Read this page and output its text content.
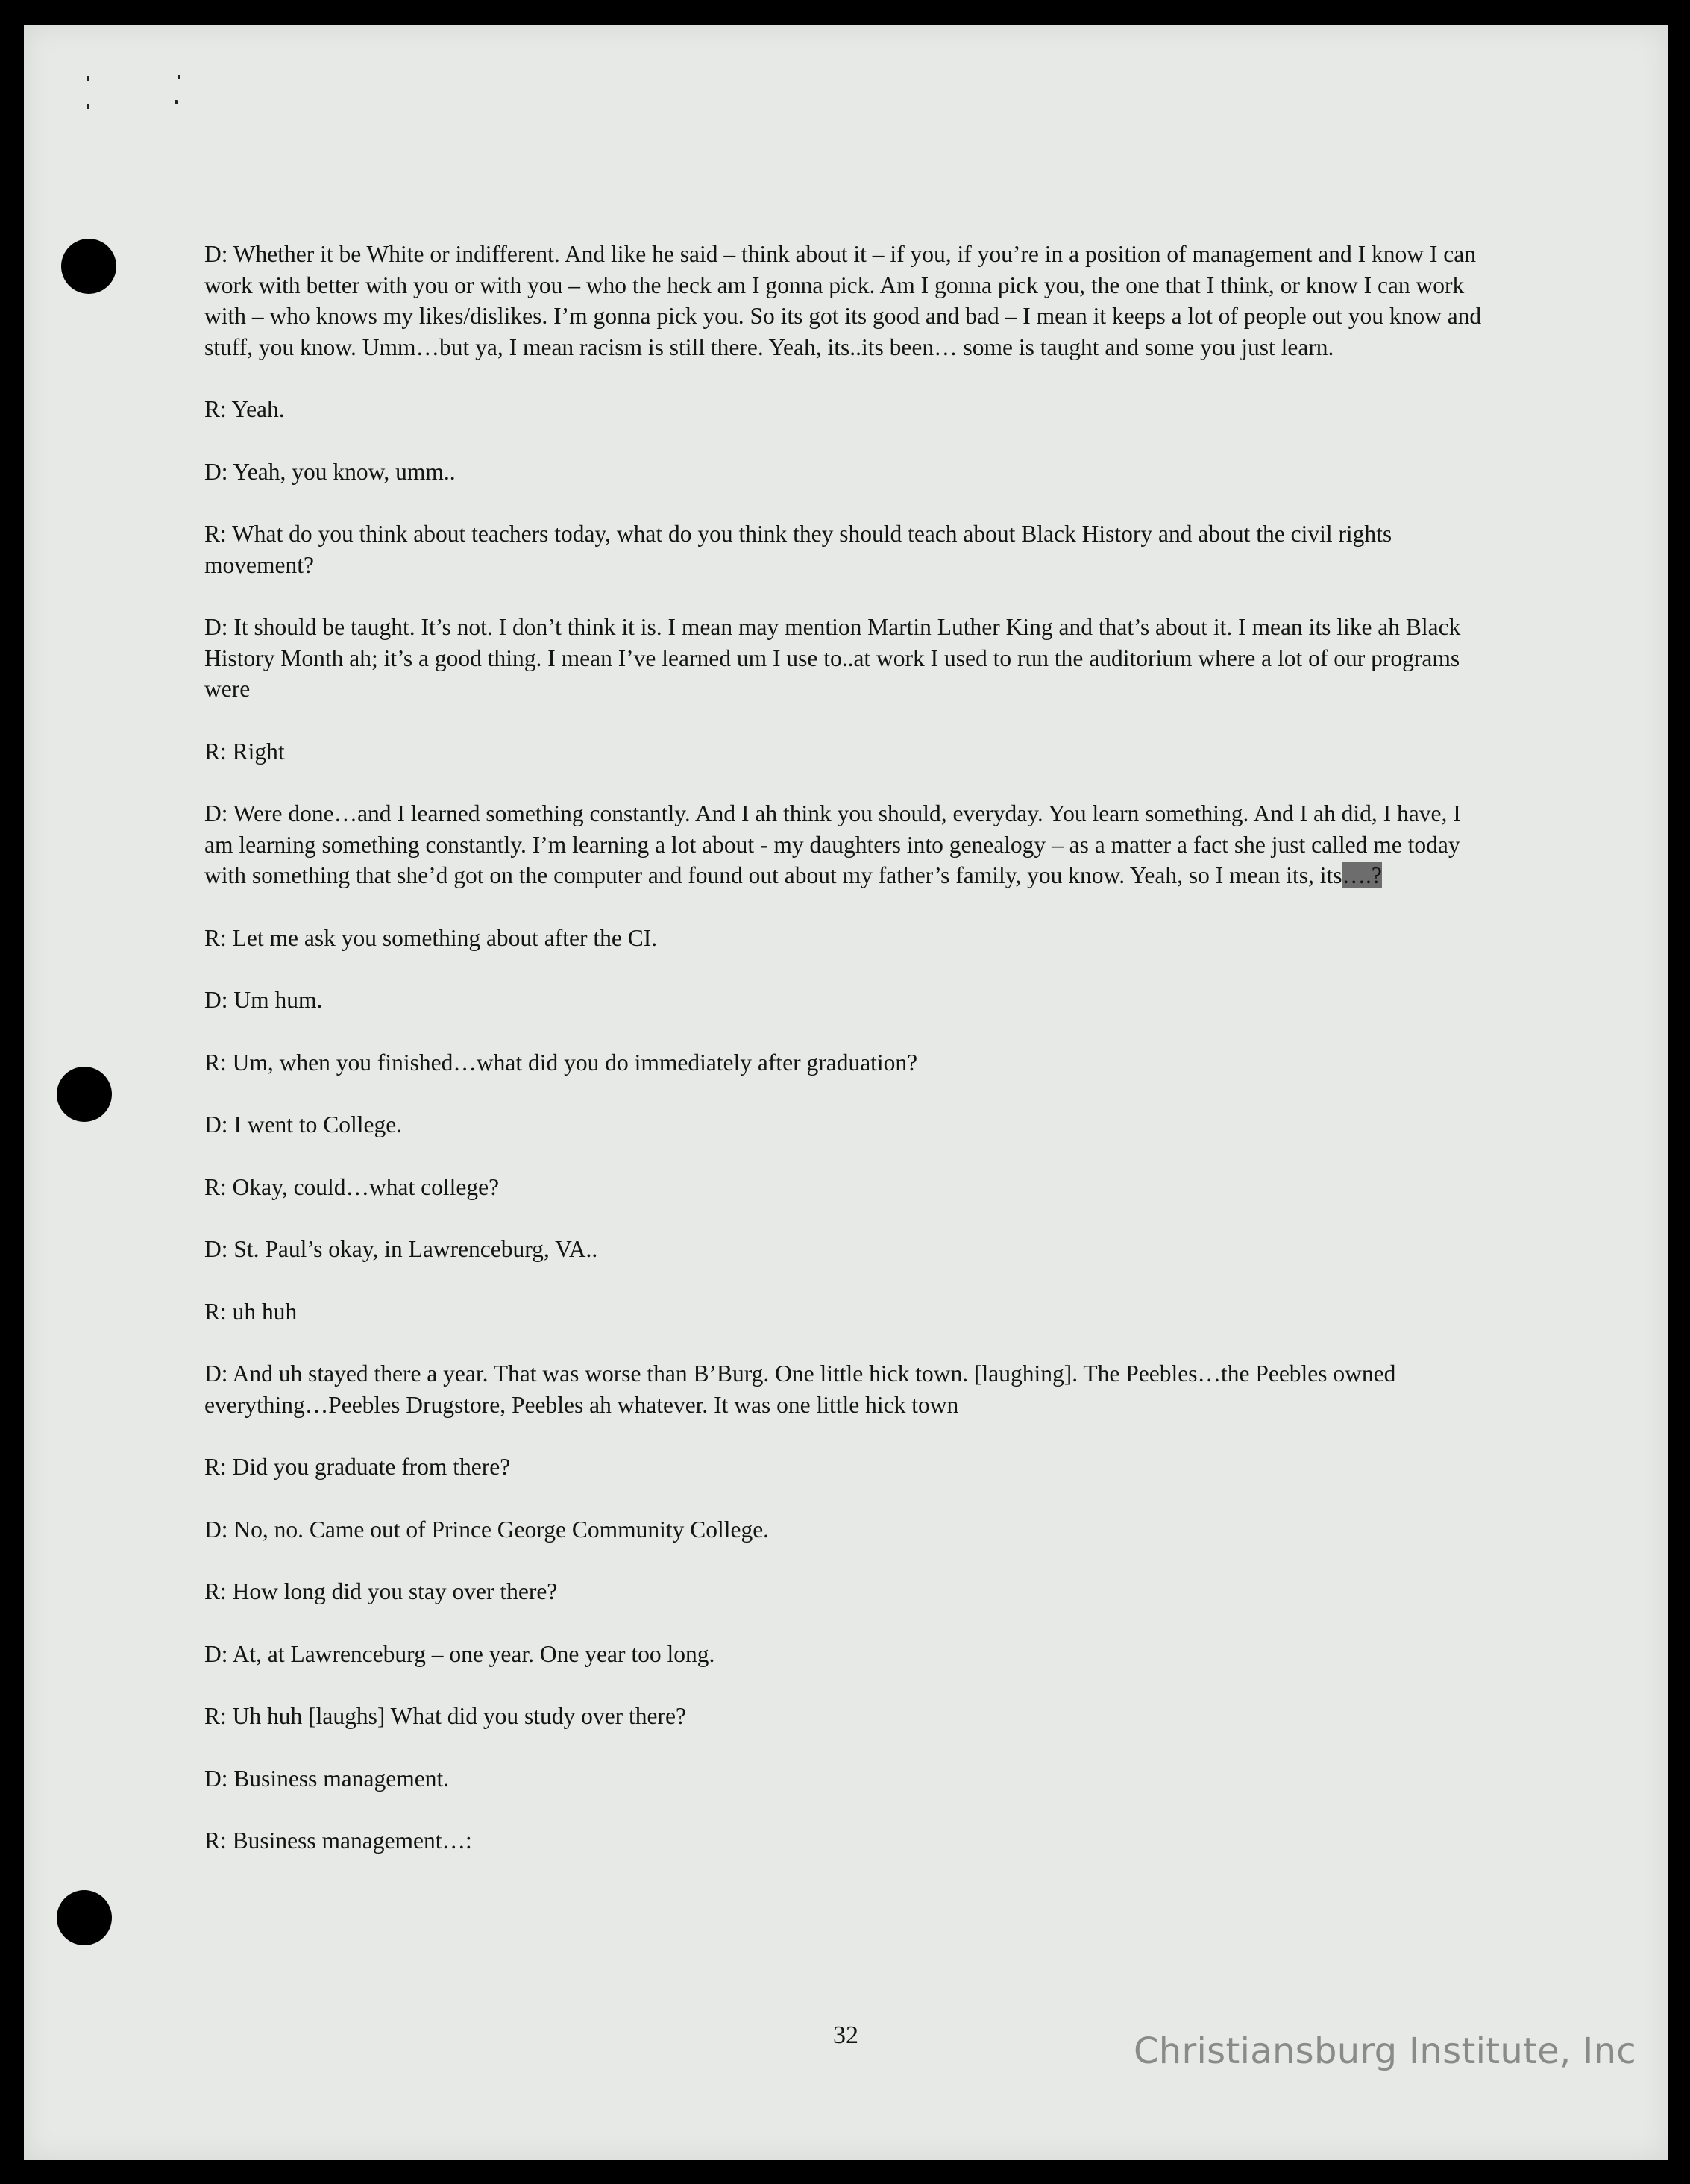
D: Whether it be White or indifferent. And like he said – think about it – if you, if you’re in a position of management and I know I can work with better with you or with you – who the heck am I gonna pick. Am I gonna pick you, the one that I think, or know I can work with – who knows my likes/dislikes. I’m gonna pick you. So its got its good and bad – I mean it keeps a lot of people out you know and stuff, you know. Umm…but ya, I mean racism is still there. Yeah, its..its been… some is taught and some you just learn.

R: Yeah.

D: Yeah, you know, umm..

R: What do you think about teachers today, what do you think they should teach about Black History and about the civil rights movement?

D: It should be taught. It’s not. I don’t think it is. I mean may mention Martin Luther King and that’s about it. I mean its like ah Black History Month ah; it’s a good thing. I mean I’ve learned um I use to..at work I used to run the auditorium where a lot of our programs were

R: Right

D: Were done…and I learned something constantly. And I ah think you should, everyday. You learn something. And I ah did, I have, I am learning something constantly. I’m learning a lot about - my daughters into genealogy – as a matter a fact she just called me today with something that she’d got on the computer and found out about my father’s family, you know. Yeah, so I mean its, its….?

R: Let me ask you something about after the CI.

D: Um hum.

R: Um, when you finished…what did you do immediately after graduation?

D: I went to College.

R: Okay, could…what college?

D: St. Paul’s okay, in Lawrenceburg, VA..

R: uh huh

D: And uh stayed there a year. That was worse than B’Burg. One little hick town. [laughing]. The Peebles…the Peebles owned everything…Peebles Drugstore, Peebles ah whatever. It was one little hick town

R: Did you graduate from there?

D: No, no. Came out of Prince George Community College.

R: How long did you stay over there?

D: At, at Lawrenceburg – one year. One year too long.

R: Uh huh [laughs] What did you study over there?

D: Business management.

R: Business management…:

32	Christiansburg Institute, Inc
